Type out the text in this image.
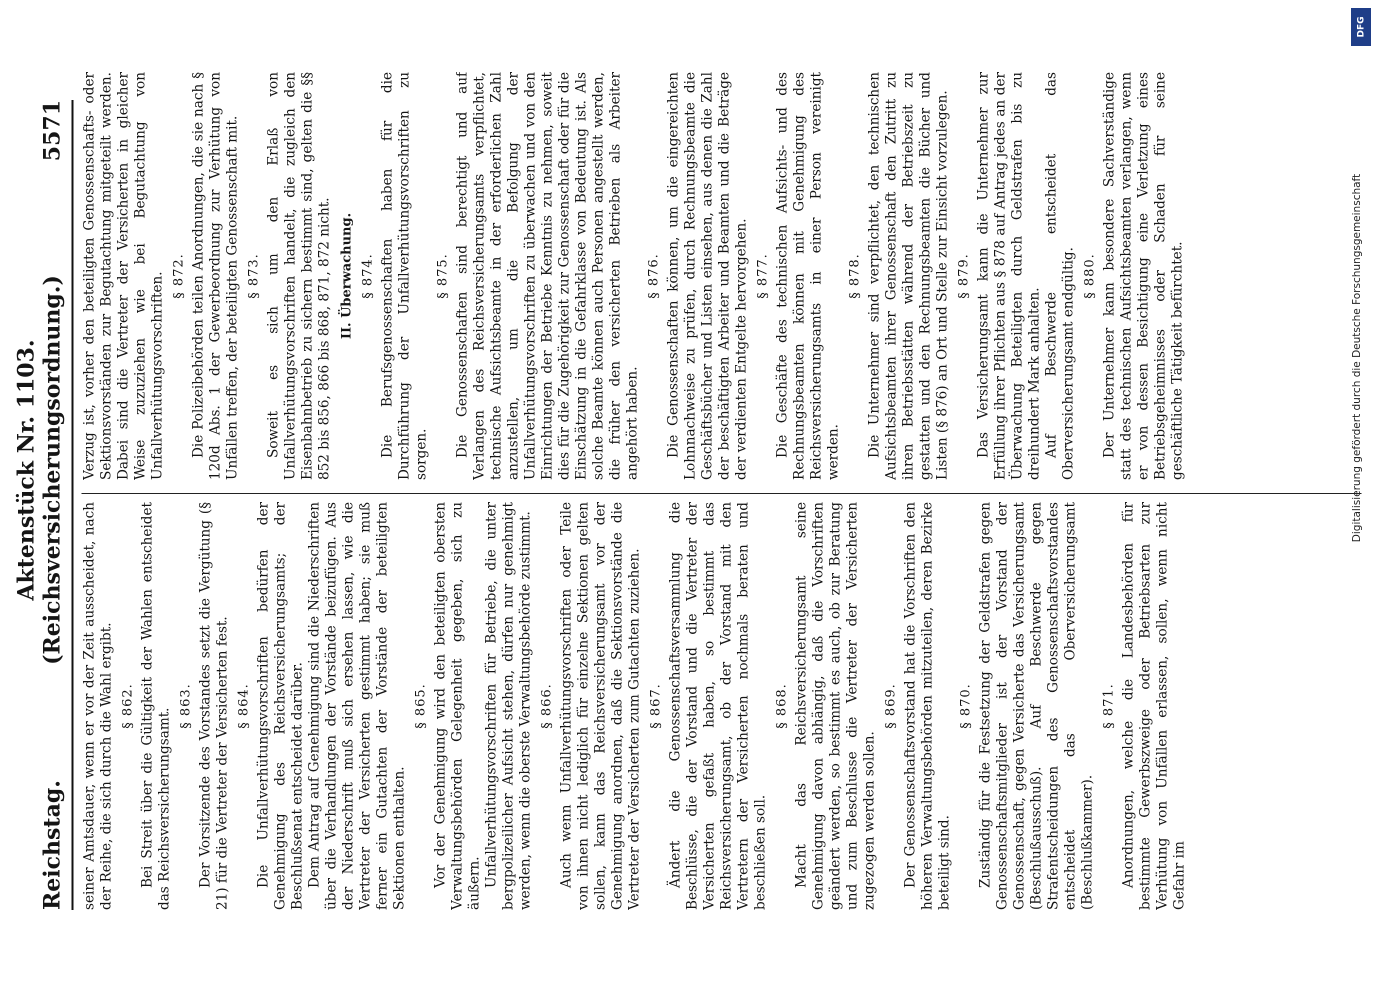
Reichstag.
Aktenstück Nr. 1103. (Reichsversicherungsordnung.)
5571

seiner Amtsdauer, wenn er vor der Zeit ausscheidet, nach der Reihe, die sich durch die Wahl ergibt. § 862. Bei Streit über die Gültigkeit der Wahlen entscheidet das Reichsversicherungsamt.

§ 863. Der Vorsitzende des Vorstandes setzt die Vergütung (§ 21) für die Vertreter der Versicherten fest. § 864. Die Unfallverhütungsvorschriften bedürfen der Genehmigung des Reichsversicherungsamts; der Beschlußsenat entscheidet darüber. Dem Antrag auf Genehmigung sind die Niederschriften über die Verhandlungen der Vorstände beizufügen. Aus der Niederschrift muß sich ersehen lassen, wie die Vertreter der Versicherten gestimmt haben; sie muß ferner ein Gutachten der Vorstände der beteiligten Sektionen enthalten.

§ 865. Vor der Genehmigung wird den beteiligten obersten Verwaltungsbehörden Gelegenheit gegeben, sich zu äußern. Unfallverhütungsvorschriften für Betriebe, die unter bergpolizeilicher Aufsicht stehen, dürfen nur genehmigt werden, wenn die oberste Verwaltungsbehörde zustimmt. § 866. Auch wenn Unfallverhütungsvorschriften oder Teile von ihnen nicht lediglich für einzelne Sektionen gelten sollen, kann das Reichsversicherungsamt vor der Genehmigung anordnen, daß die Sektionsvorstände die Vertreter der Versicherten zum Gutachten zuziehen. § 867. Ändert die Genossenschaftsversammlung die Beschlüsse, die der Vorstand und die Vertreter der Versicherten gefaßt haben, so bestimmt das Reichsversicherungsamt, ob der Vorstand mit den Vertretern der Versicherten nochmals beraten und beschließen soll.

§ 868. Macht das Reichsversicherungsamt seine Genehmigung davon abhängig, daß die Vorschriften geändert werden, so bestimmt es auch, ob zur Beratung und zum Beschlusse die Vertreter der Versicherten zugezogen werden sollen.

§ 869. Der Genossenschaftsvorstand hat die Vorschriften den höheren Verwaltungsbehörden mitzuteilen, deren Bezirke beteiligt sind.

§ 870. Zuständig für die Festsetzung der Geldstrafen gegen Genossenschaftsmitglieder ist der Vorstand der Genossenschaft, gegen Versicherte das Versicherungsamt (Beschlußausschuß). Auf Beschwerde gegen Strafentscheidungen des Genossenschaftsvorstandes entscheidet das Oberversicherungsamt (Beschlußkammer).

§ 871. Anordnungen, welche die Landesbehörden für bestimmte Gewerbszweige oder Betriebsarten zur Verhütung von Unfällen erlassen, sollen, wenn nicht Gefahr im

Verzug ist, vorher den beteiligten Genossenschafts- oder Sektionsvorständen zur Begutachtung mitgeteilt werden. Dabei sind die Vertreter der Versicherten in gleicher Weise zuzuziehen wie bei Begutachtung von Unfallverhütungsvorschriften. § 872. Die Polizeibehörden teilen Anordnungen, die sie nach § 120d Abs. 1 der Gewerbeordnung zur Verhütung von Unfällen treffen, der beteiligten Genossenschaft mit. § 873. Soweit es sich um den Erlaß von Unfallverhütungsvorschriften handelt, die zugleich den Eisenbahnbetrieb zu sichern bestimmt sind, gelten die §§ 852 bis 856, 866 bis 868, 871, 872 nicht. II. Überwachung. § 874. Die Berufsgenossenschaften haben für die Durchführung der Unfallverhütungsvorschriften zu sorgen.

§ 875. Die Genossenschaften sind berechtigt und auf Verlangen des Reichsversicherungsamts verpflichtet, technische Aufsichtsbeamte in der erforderlichen Zahl anzustellen, um die Befolgung der Unfallverhütungsvorschriften zu überwachen und von den Einrichtungen der Betriebe Kenntnis zu nehmen, soweit dies für die Zugehörigkeit zur Genossenschaft oder für die Einschätzung in die Gefahrklasse von Bedeutung ist. Als solche Beamte können auch Personen angestellt werden, die früher den versicherten Betrieben als Arbeiter angehört haben.

§ 876. Die Genossenschaften können, um die eingereichten Lohnnachweise zu prüfen, durch Rechnungsbeamte die Geschäftsbücher und Listen einsehen, aus denen die Zahl der beschäftigten Arbeiter und Beamten und die Beträge der verdienten Entgelte hervorgehen. § 877. Die Geschäfte des technischen Aufsichts- und des Rechnungsbeamten können mit Genehmigung des Reichsversicherungsamts in einer Person vereinigt werden.

§ 878. Die Unternehmer sind verpflichtet, den technischen Aufsichtsbeamten ihrer Genossenschaft den Zutritt zu ihren Betriebsstätten während der Betriebszeit zu gestatten und den Rechnungsbeamten die Bücher und Listen (§ 876) an Ort und Stelle zur Einsicht vorzulegen. § 879. Das Versicherungsamt kann die Unternehmer zur Erfüllung ihrer Pflichten aus § 878 auf Antrag jedes an der Überwachung Beteiligten durch Geldstrafen bis zu dreihundert Mark anhalten. Auf Beschwerde entscheidet das Oberversicherungsamt endgültig. § 880. Der Unternehmer kann besondere Sachverständige statt des technischen Aufsichtsbeamten verlangen, wenn er von dessen Besichtigung eine Verletzung eines Betriebsgeheimnisses oder Schaden für seine geschäftliche Tätigkeit befürchtet.

DFG
Digitalisierung gefördert durch die Deutsche Forschungsgemeinschaft
